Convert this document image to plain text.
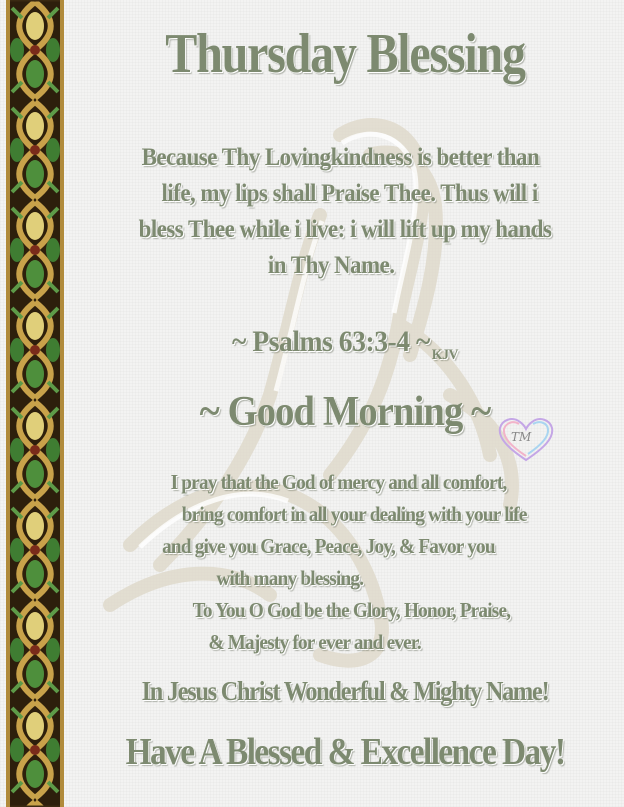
Thursday Blessing
Because Thy Lovingkindness is better than
life, my lips shall Praise Thee. Thus will i
bless Thee while i live: i will lift up my hands
in Thy Name.
~ Psalms 63:3-4 ~ $_{KJV}$
~ Good Morning ~
TM
I pray that the God of mercy and all comfort,
bring comfort in all your dealing with your life
and give you Grace, Peace, Joy, & Favor you
with many blessing.
To You O God be the Glory, Honor, Praise,
& Majesty for ever and ever.
In Jesus Christ Wonderful & Mighty Name!
Have A Blessed & Excellence Day!
